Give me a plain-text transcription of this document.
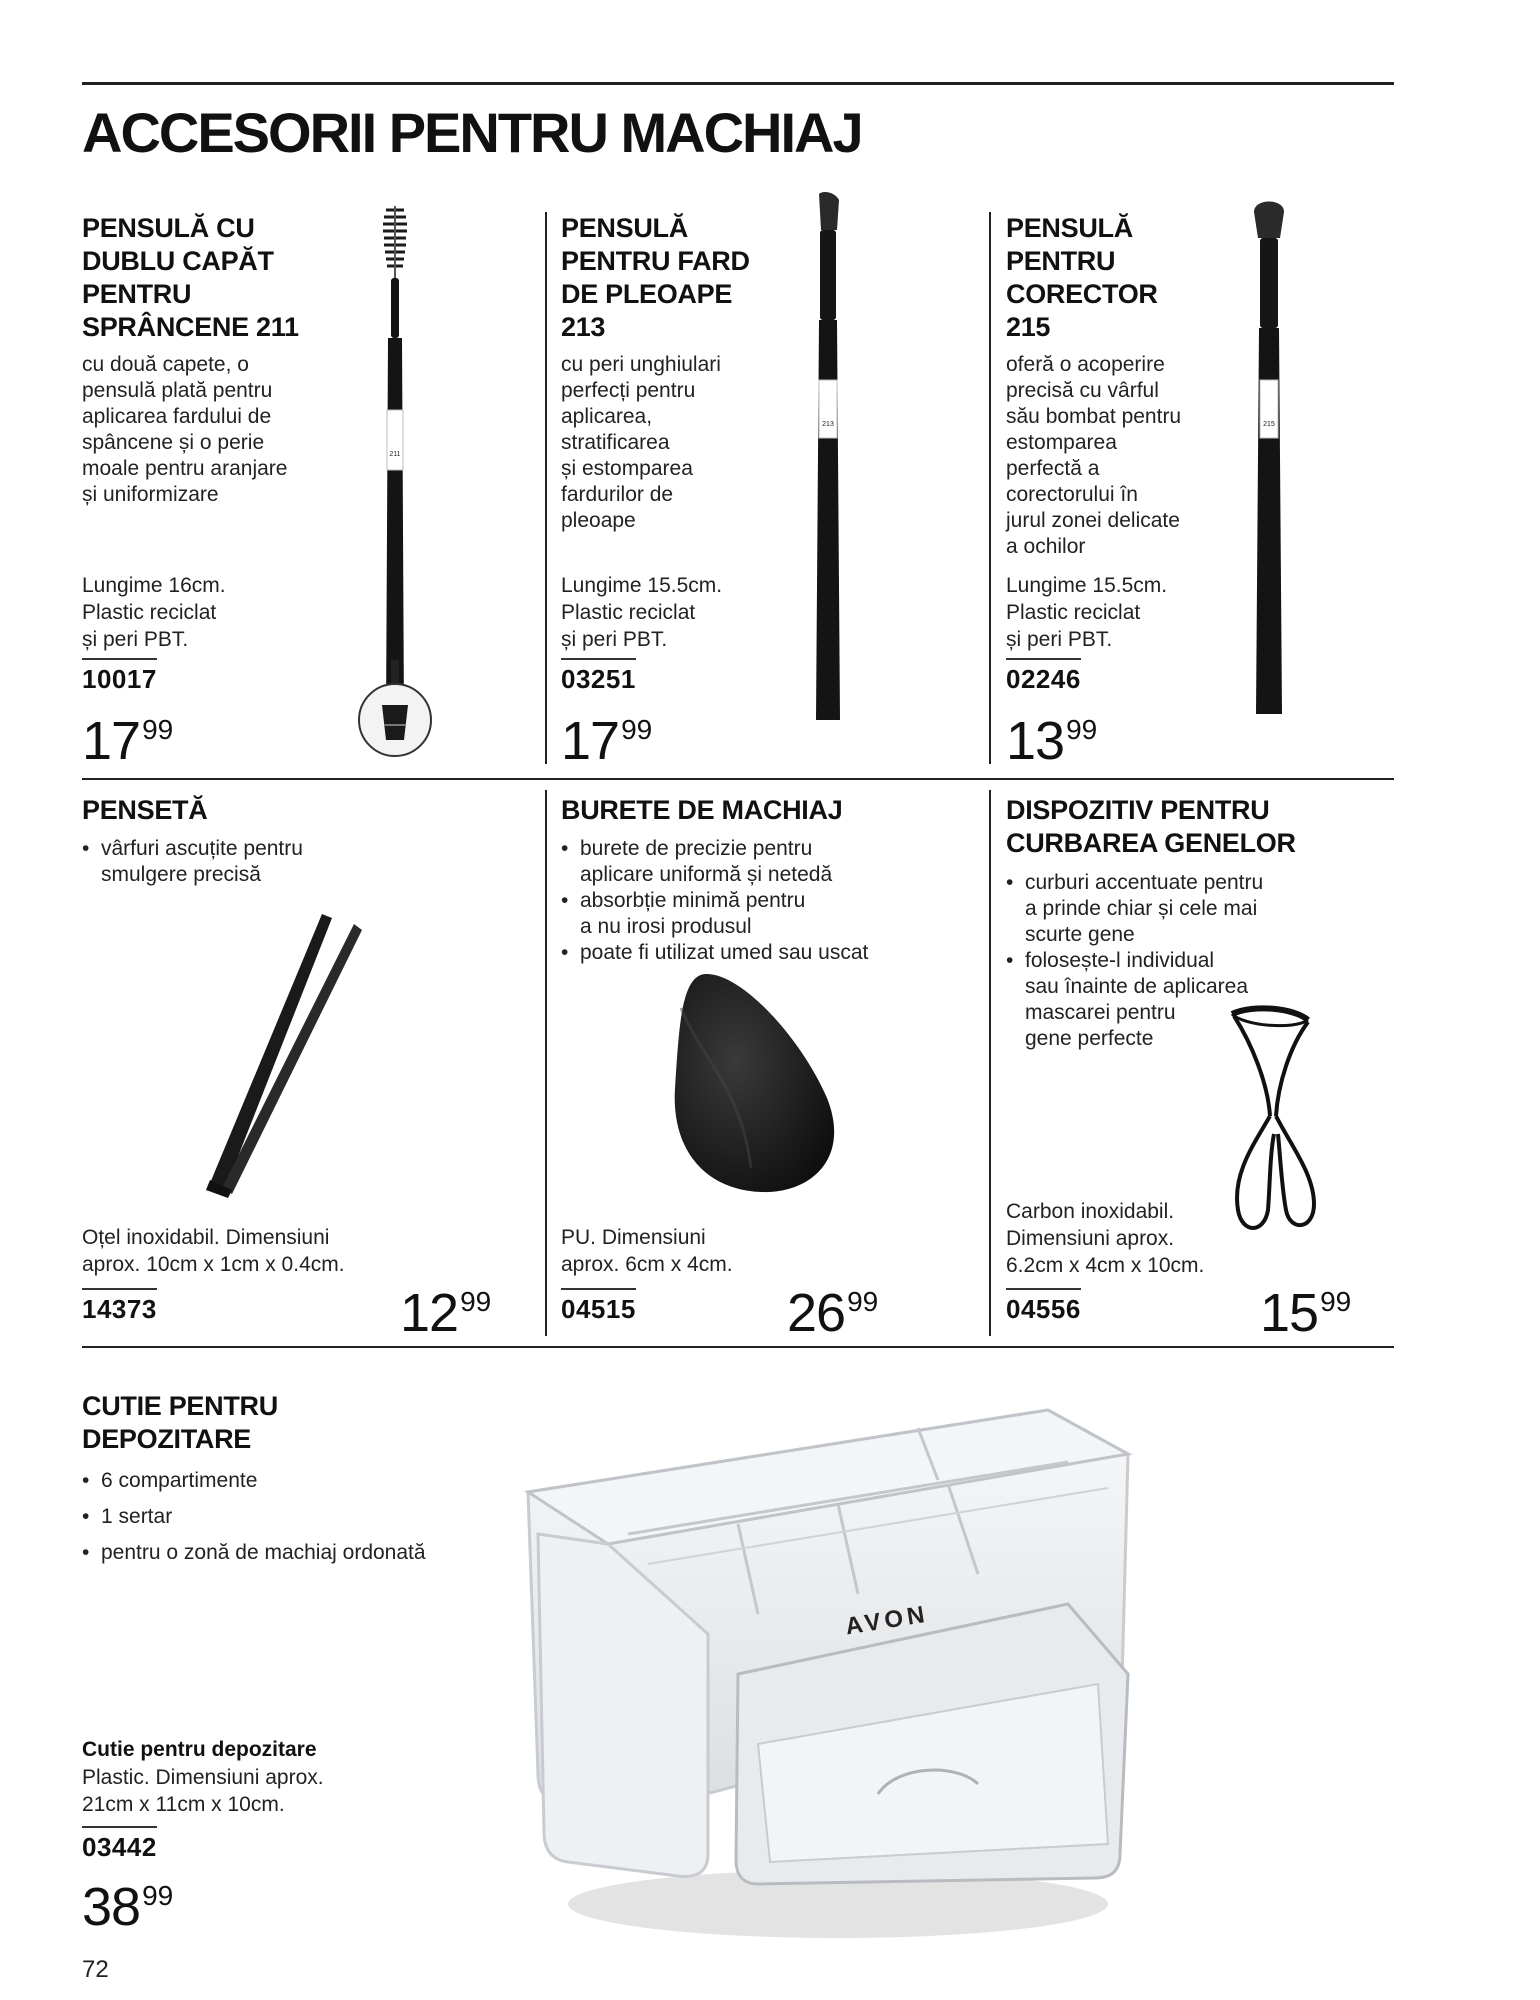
ACCESORII PENTRU MACHIAJ
PENSULĂ CU
DUBLU CAPĂT
PENTRU
SPRÂNCENE 211
cu două capete, o
pensulă plată pentru
aplicarea fardului de
spâncene și o perie
moale pentru aranjare
și uniformizare
Lungime 16cm.
Plastic reciclat
și peri PBT.
10017
$17^{99}$
211
PENSULĂ
PENTRU FARD
DE PLEOAPE
213
cu peri unghiulari
perfecți pentru
aplicarea,
stratificarea
și estomparea
fardurilor de
pleoape
Lungime 15.5cm.
Plastic reciclat
și peri PBT.
03251
$17^{99}$
213
PENSULĂ
PENTRU
CORECTOR
215
oferă o acoperire
precisă cu vârful
său bombat pentru
estomparea
perfectă a
corectorului în
jurul zonei delicate
a ochilor
Lungime 15.5cm.
Plastic reciclat
și peri PBT.
02246
$13^{99}$
215
PENSETĂ
• vârfuri ascuțite pentru
smulgere precisă
Oțel inoxidabil. Dimensiuni
aprox. 10cm x 1cm x 0.4cm.
14373	$12^{99}$
BURETE DE MACHIAJ
• burete de precizie pentru
aplicare uniformă și netedă
• absorbție minimă pentru
a nu irosi produsul
• poate fi utilizat umed sau uscat
PU. Dimensiuni
aprox. 6cm x 4cm.
04515	$26^{99}$
DISPOZITIV PENTRU
CURBAREA GENELOR
• curburi accentuate pentru
a prinde chiar și cele mai
scurte gene
• folosește-l individual
sau înainte de aplicarea
mascarei pentru
gene perfecte
Carbon inoxidabil.
Dimensiuni aprox.
6.2cm x 4cm x 10cm.
04556	$15^{99}$
CUTIE PENTRU
DEPOZITARE
• 6 compartimente
• 1 sertar
• pentru o zonă de machiaj ordonată
AVON
Cutie pentru depozitare
Plastic. Dimensiuni aprox.
21cm x 11cm x 10cm.
03442
$38^{99}$
72
